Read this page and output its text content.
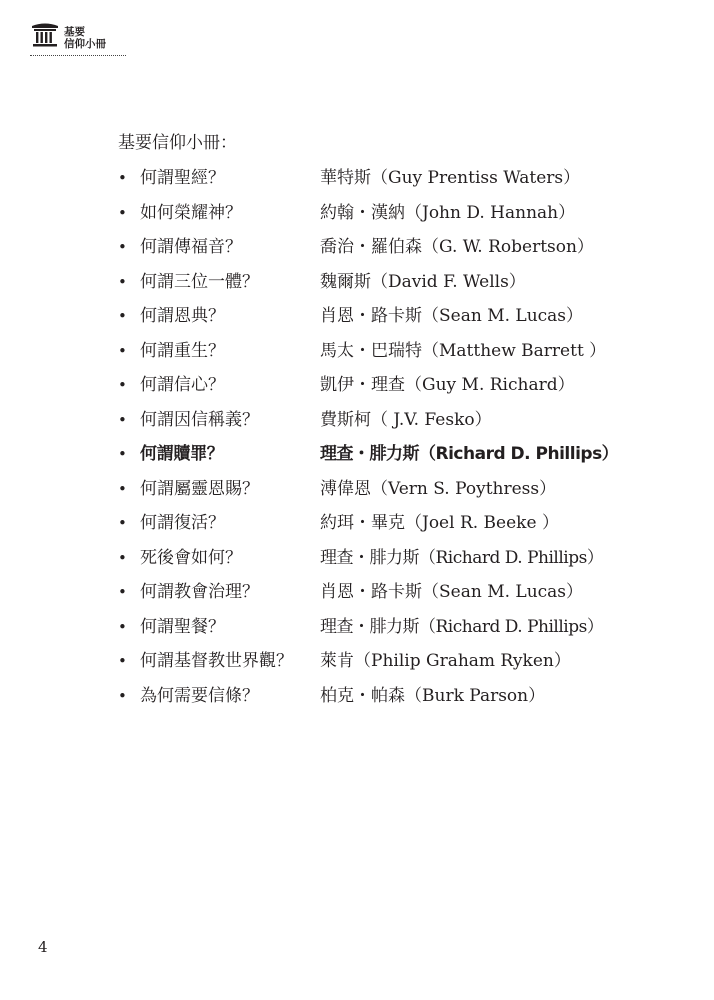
基要
信仰小冊
基要信仰小冊：
• 何謂聖經？	華特斯（Guy Prentiss Waters）
• 如何榮耀神？	約翰・漢納（John D. Hannah）
• 何謂傳福音？	喬治・羅伯森（G. W. Robertson）
• 何謂三位一體？	魏爾斯（David F. Wells）
• 何謂恩典？	肖恩・路卡斯（Sean M. Lucas）
• 何謂重生？	馬太・巴瑞特（Matthew Barrett ）
• 何謂信心？	凱伊・理查（Guy M. Richard）
• 何謂因信稱義？	費斯柯（ J.V. Fesko）
• 何謂贖罪？	理查・腓力斯（Richard D. Phillips）
• 何謂屬靈恩賜？	溥偉恩（Vern S. Poythress）
• 何謂復活？	約珥・畢克（Joel R. Beeke ）
• 死後會如何？	理查・腓力斯（Richard D. Phillips）
• 何謂教會治理？	肖恩・路卡斯（Sean M. Lucas）
• 何謂聖餐？	理查・腓力斯（Richard D. Phillips）
• 何謂基督教世界觀？ 萊肯（Philip Graham Ryken）
• 為何需要信條？	柏克・帕森（Burk Parson）
4
